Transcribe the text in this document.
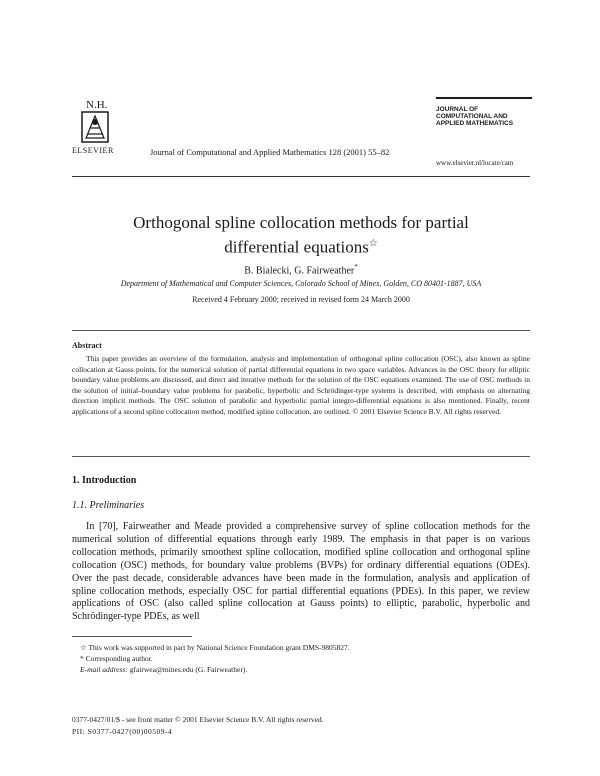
N.H.
ELSEVIER	Journal of Computational and Applied Mathematics 128 (2001) 55–82
JOURNAL OF
COMPUTATIONAL AND
APPLIED MATHEMATICS
www.elsevier.nl/locate/cam
Orthogonal spline collocation methods for partial
differential equations☆
B. Bialecki, G. Fairweather*
Department of Mathematical and Computer Sciences, Colorado School of Mines, Golden, CO 80401-1887, USA
Received 4 February 2000; received in revised form 24 March 2000
Abstract
This paper provides an overview of the formulation, analysis and implementation of orthogonal spline collocation (OSC), also known as spline collocation at Gauss points, for the numerical solution of partial differential equations in two space variables. Advances in the OSC theory for elliptic boundary value problems are discussed, and direct and iterative methods for the solution of the OSC equations examined. The use of OSC methods in the solution of initial–boundary value problems for parabolic, hyperbolic and Schrödinger-type systems is described, with emphasis on alternating direction implicit methods. The OSC solution of parabolic and hyperbolic partial integro-differential equations is also mentioned. Finally, recent applications of a second spline collocation method, modified spline collocation, are outlined. © 2001 Elsevier Science B.V. All rights reserved.
1. Introduction
1.1. Preliminaries
In [70], Fairweather and Meade provided a comprehensive survey of spline collocation methods for the numerical solution of differential equations through early 1989. The emphasis in that paper is on various collocation methods, primarily smoothest spline collocation, modified spline collocation and orthogonal spline collocation (OSC) methods, for boundary value problems (BVPs) for ordinary differential equations (ODEs). Over the past decade, considerable advances have been made in the formulation, analysis and application of spline collocation methods, especially OSC for partial differential equations (PDEs). In this paper, we review applications of OSC (also called spline collocation at Gauss points) to elliptic, parabolic, hyperbolic and Schrödinger-type PDEs, as well
☆ This work was supported in part by National Science Foundation grant DMS-9805827.
* Corresponding author.
E-mail address: gfairwea@mines.edu (G. Fairweather).
0377-0427/01/$ - see front matter © 2001 Elsevier Science B.V. All rights reserved.
PII: S0377-0427(00)00509-4
